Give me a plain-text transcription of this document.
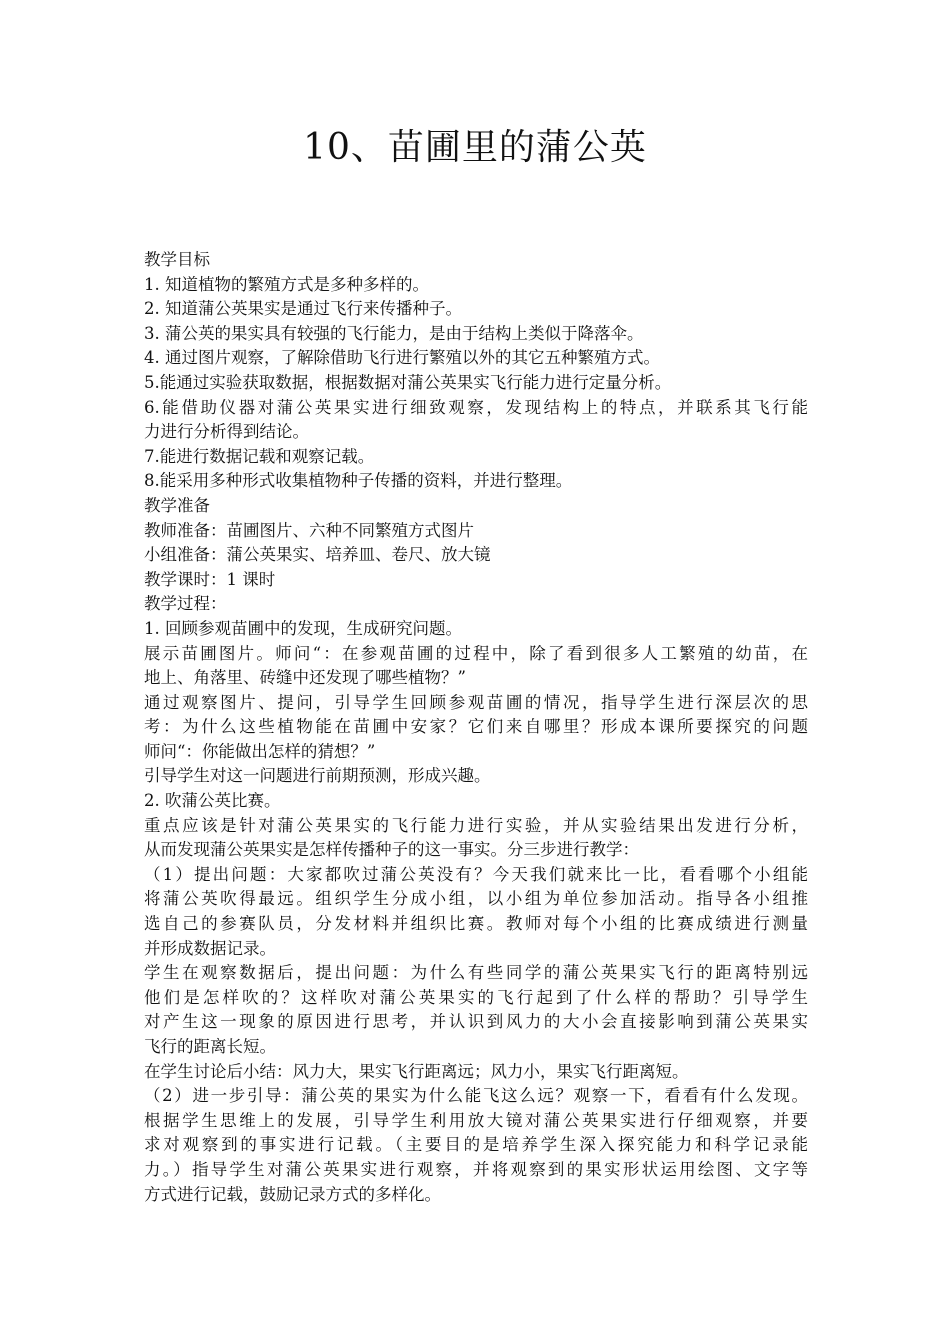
10、苗圃里的蒲公英
教学目标
1. 知道植物的繁殖方式是多种多样的。
2. 知道蒲公英果实是通过飞行来传播种子。
3. 蒲公英的果实具有较强的飞行能力，是由于结构上类似于降落伞。
4. 通过图片观察，了解除借助飞行进行繁殖以外的其它五种繁殖方式。
5.能通过实验获取数据，根据数据对蒲公英果实飞行能力进行定量分析。
6.能借助仪器对蒲公英果实进行细致观察，发现结构上的特点，并联系其飞行能
力进行分析得到结论。
7.能进行数据记载和观察记载。
8.能采用多种形式收集植物种子传播的资料，并进行整理。
教学准备
教师准备：苗圃图片、六种不同繁殖方式图片
小组准备：蒲公英果实、培养皿、卷尺、放大镜
教学课时：1 课时
教学过程：
1. 回顾参观苗圃中的发现，生成研究问题。
展示苗圃图片。师问“：在参观苗圃的过程中，除了看到很多人工繁殖的幼苗，在
地上、角落里、砖缝中还发现了哪些植物？”
通过观察图片、提问，引导学生回顾参观苗圃的情况，指导学生进行深层次的思
考：为什么这些植物能在苗圃中安家？它们来自哪里？形成本课所要探究的问题
师问“：你能做出怎样的猜想？”
引导学生对这一问题进行前期预测，形成兴趣。
2. 吹蒲公英比赛。
重点应该是针对蒲公英果实的飞行能力进行实验，并从实验结果出发进行分析，
从而发现蒲公英果实是怎样传播种子的这一事实。分三步进行教学：
（1）提出问题：大家都吹过蒲公英没有？今天我们就来比一比，看看哪个小组能
将蒲公英吹得最远。组织学生分成小组，以小组为单位参加活动。指导各小组推
选自己的参赛队员，分发材料并组织比赛。教师对每个小组的比赛成绩进行测量
并形成数据记录。
学生在观察数据后，提出问题：为什么有些同学的蒲公英果实飞行的距离特别远
他们是怎样吹的？这样吹对蒲公英果实的飞行起到了什么样的帮助？引导学生
对产生这一现象的原因进行思考，并认识到风力的大小会直接影响到蒲公英果实
飞行的距离长短。
在学生讨论后小结：风力大，果实飞行距离远；风力小，果实飞行距离短。
（2）进一步引导：蒲公英的果实为什么能飞这么远？观察一下，看看有什么发现。
根据学生思维上的发展，引导学生利用放大镜对蒲公英果实进行仔细观察，并要
求对观察到的事实进行记载。（主要目的是培养学生深入探究能力和科学记录能
力。）指导学生对蒲公英果实进行观察，并将观察到的果实形状运用绘图、文字等
方式进行记载，鼓励记录方式的多样化。
